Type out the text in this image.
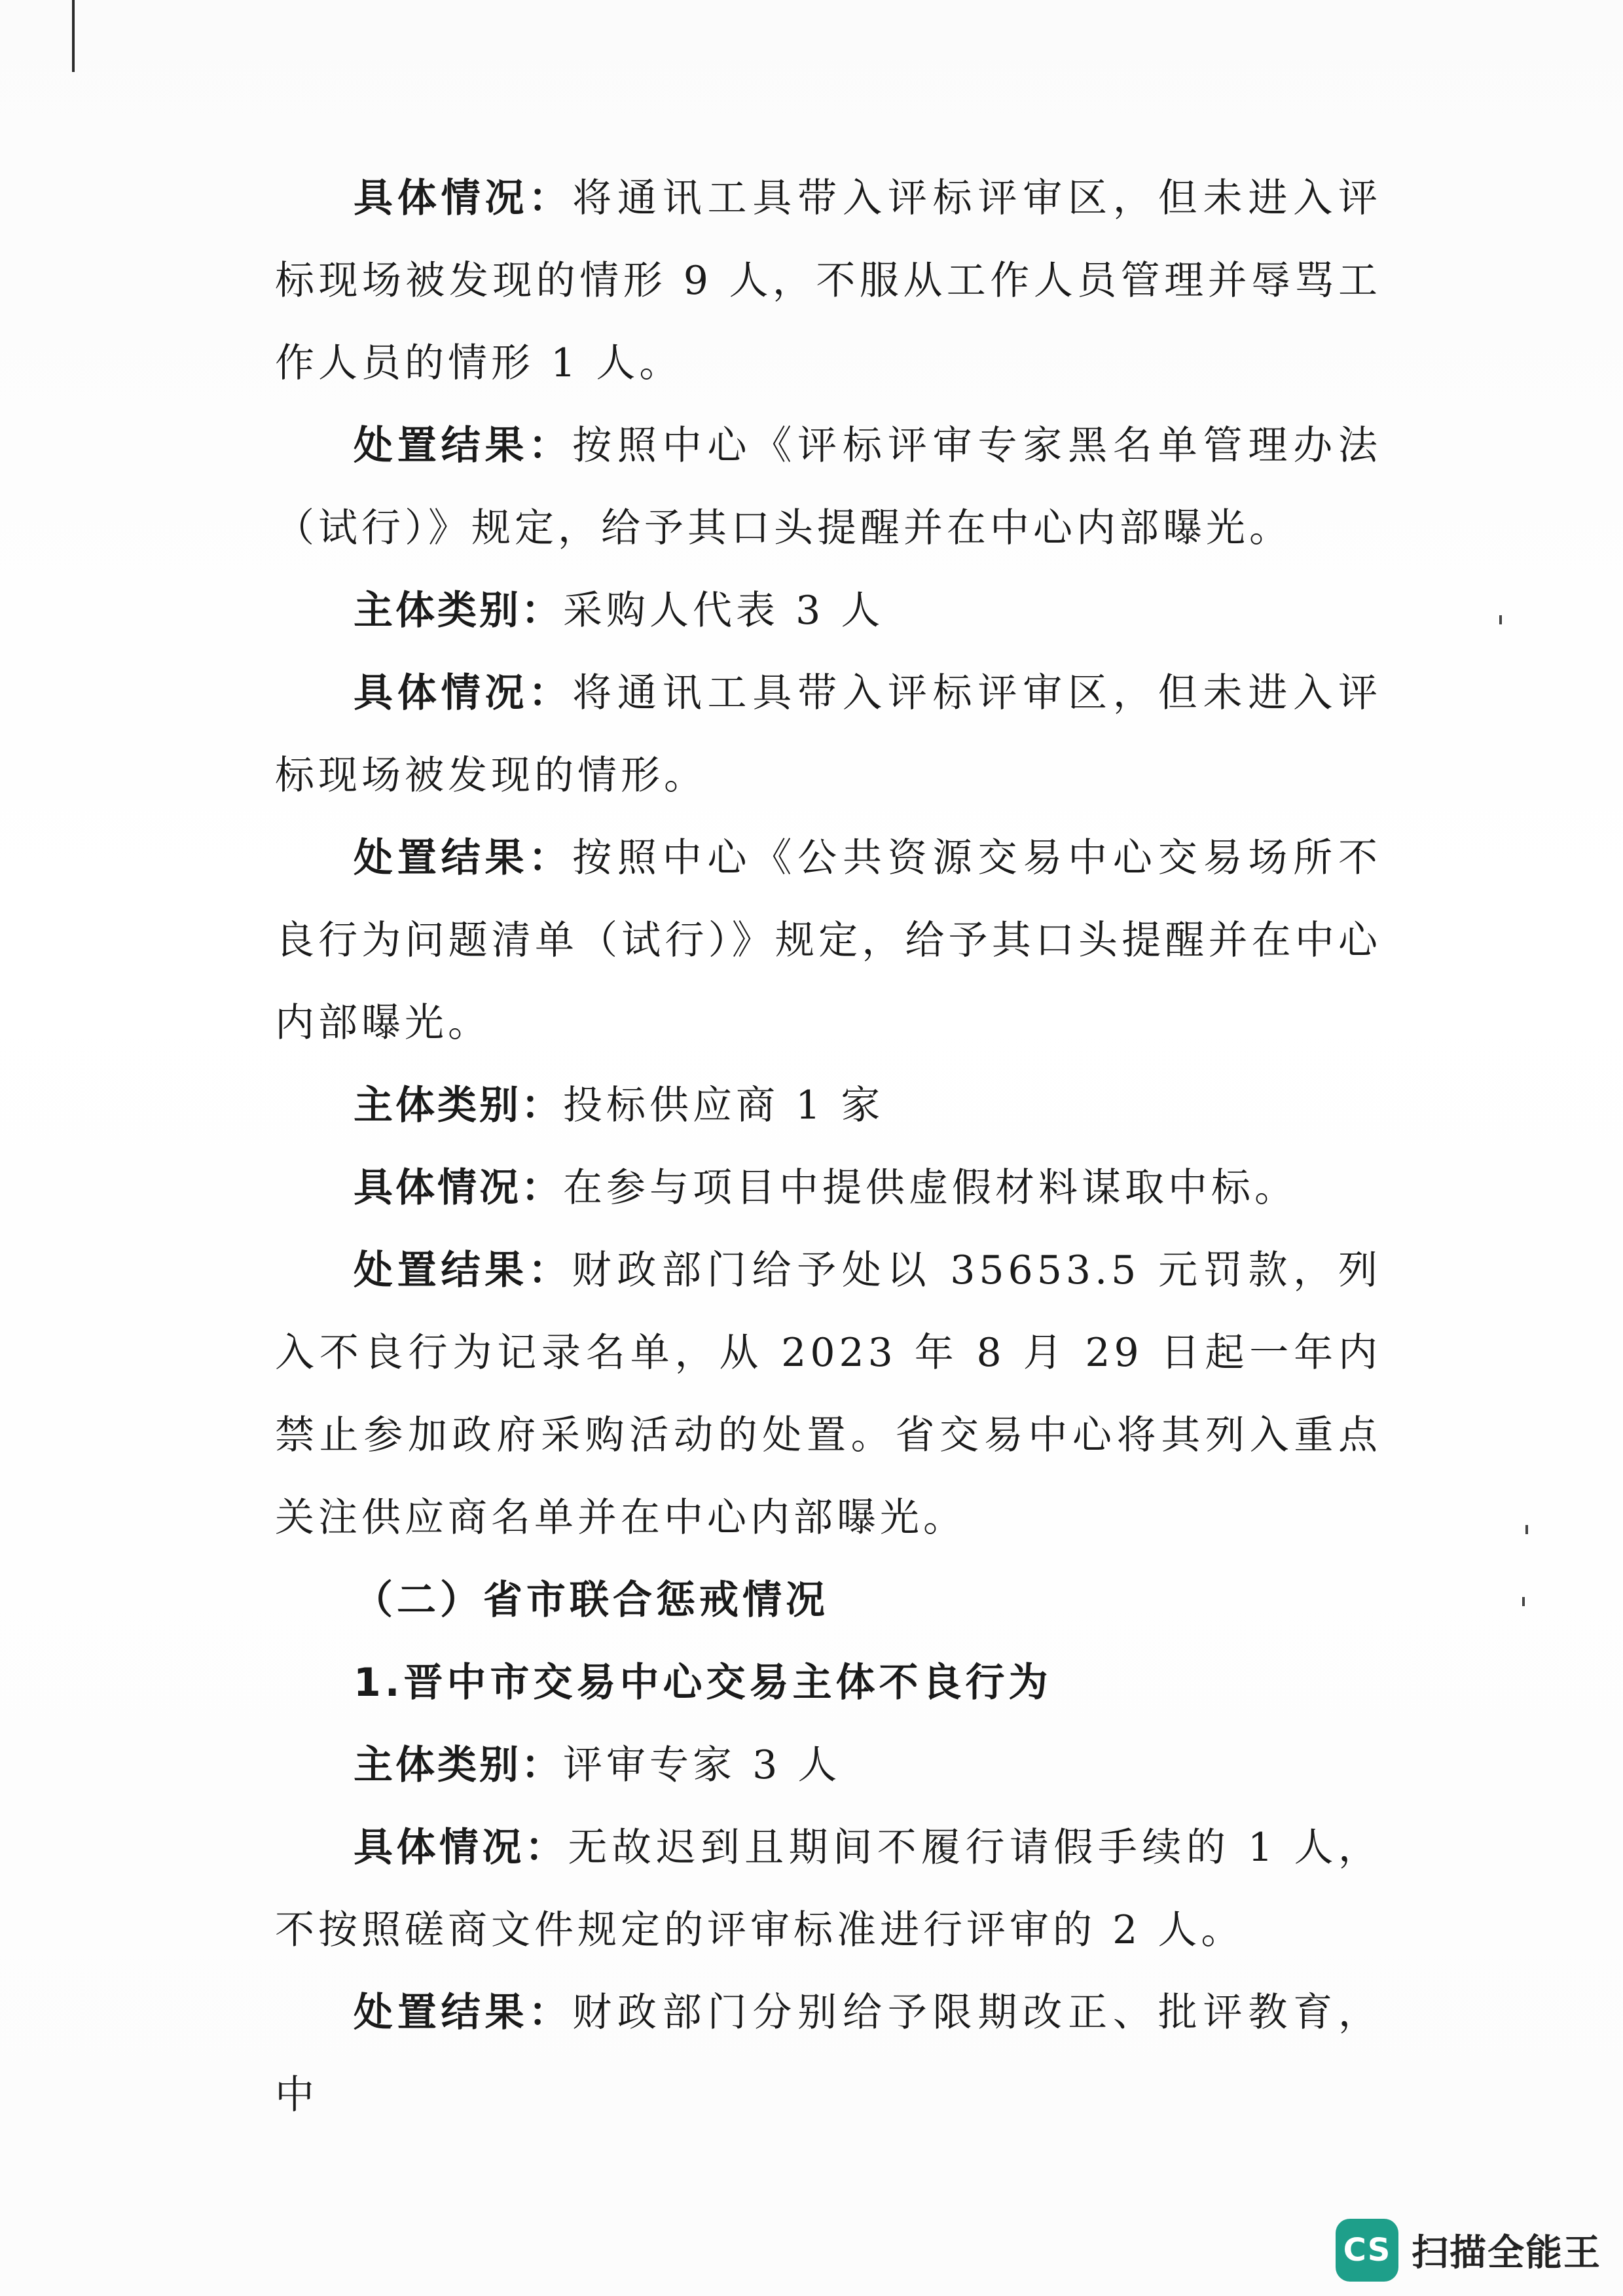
具体情况：将通讯工具带入评标评审区，但未进入评标现场被发现的情形 9 人，不服从工作人员管理并辱骂工作人员的情形 1 人。

处置结果：按照中心《评标评审专家黑名单管理办法（试行）》规定，给予其口头提醒并在中心内部曝光。

主体类别：采购人代表 3 人

具体情况：将通讯工具带入评标评审区，但未进入评标现场被发现的情形。

处置结果：按照中心《公共资源交易中心交易场所不良行为问题清单（试行）》规定，给予其口头提醒并在中心内部曝光。

主体类别：投标供应商 1 家

具体情况：在参与项目中提供虚假材料谋取中标。

处置结果：财政部门给予处以 35653.5 元罚款，列入不良行为记录名单，从 2023 年 8 月 29 日起一年内禁止参加政府采购活动的处置。省交易中心将其列入重点关注供应商名单并在中心内部曝光。

（二）省市联合惩戒情况

1.晋中市交易中心交易主体不良行为

主体类别：评审专家 3 人

具体情况：无故迟到且期间不履行请假手续的 1 人，不按照磋商文件规定的评审标准进行评审的 2 人。

处置结果：财政部门分别给予限期改正、批评教育，中

CS 扫描全能王
